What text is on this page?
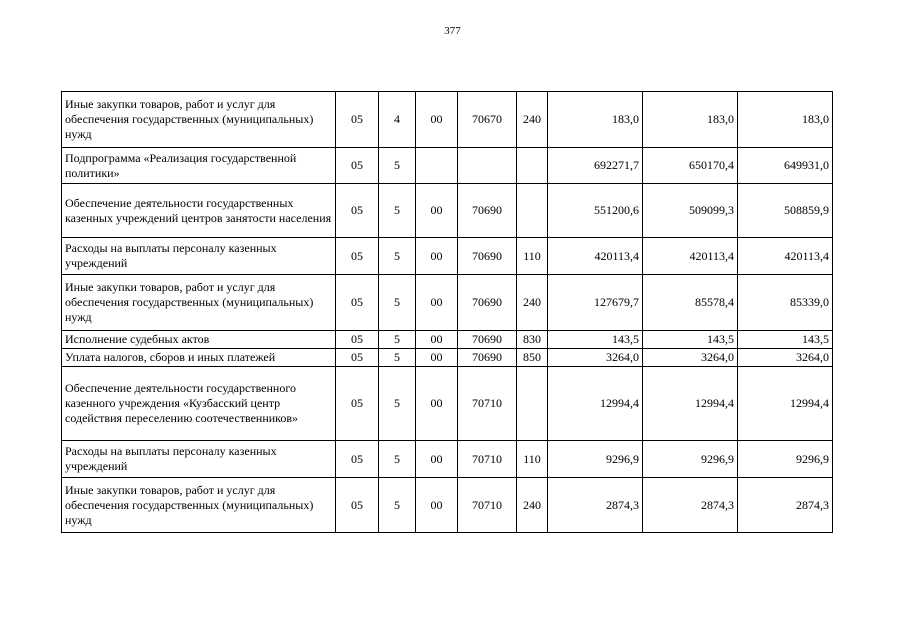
377
Иные закупки товаров, работ и услуг для обеспечения государственных (муниципальных) нужд	05	4	00	70670	240	183,0	183,0	183,0
Подпрограмма «Реализация государственной политики»	05	5				692271,7	650170,4	649931,0
Обеспечение деятельности государственных казенных учреждений центров занятости населения	05	5	00	70690		551200,6	509099,3	508859,9
Расходы на выплаты персоналу казенных учреждений	05	5	00	70690	110	420113,4	420113,4	420113,4
Иные закупки товаров, работ и услуг для обеспечения государственных (муниципальных) нужд	05	5	00	70690	240	127679,7	85578,4	85339,0
Исполнение судебных актов	05	5	00	70690	830	143,5	143,5	143,5
Уплата налогов, сборов и иных платежей	05	5	00	70690	850	3264,0	3264,0	3264,0
Обеспечение деятельности государственного казенного учреждения «Кузбасский центр содействия переселению соотечественников»	05	5	00	70710		12994,4	12994,4	12994,4
Расходы на выплаты персоналу казенных учреждений	05	5	00	70710	110	9296,9	9296,9	9296,9
Иные закупки товаров, работ и услуг для обеспечения государственных (муниципальных) нужд	05	5	00	70710	240	2874,3	2874,3	2874,3
